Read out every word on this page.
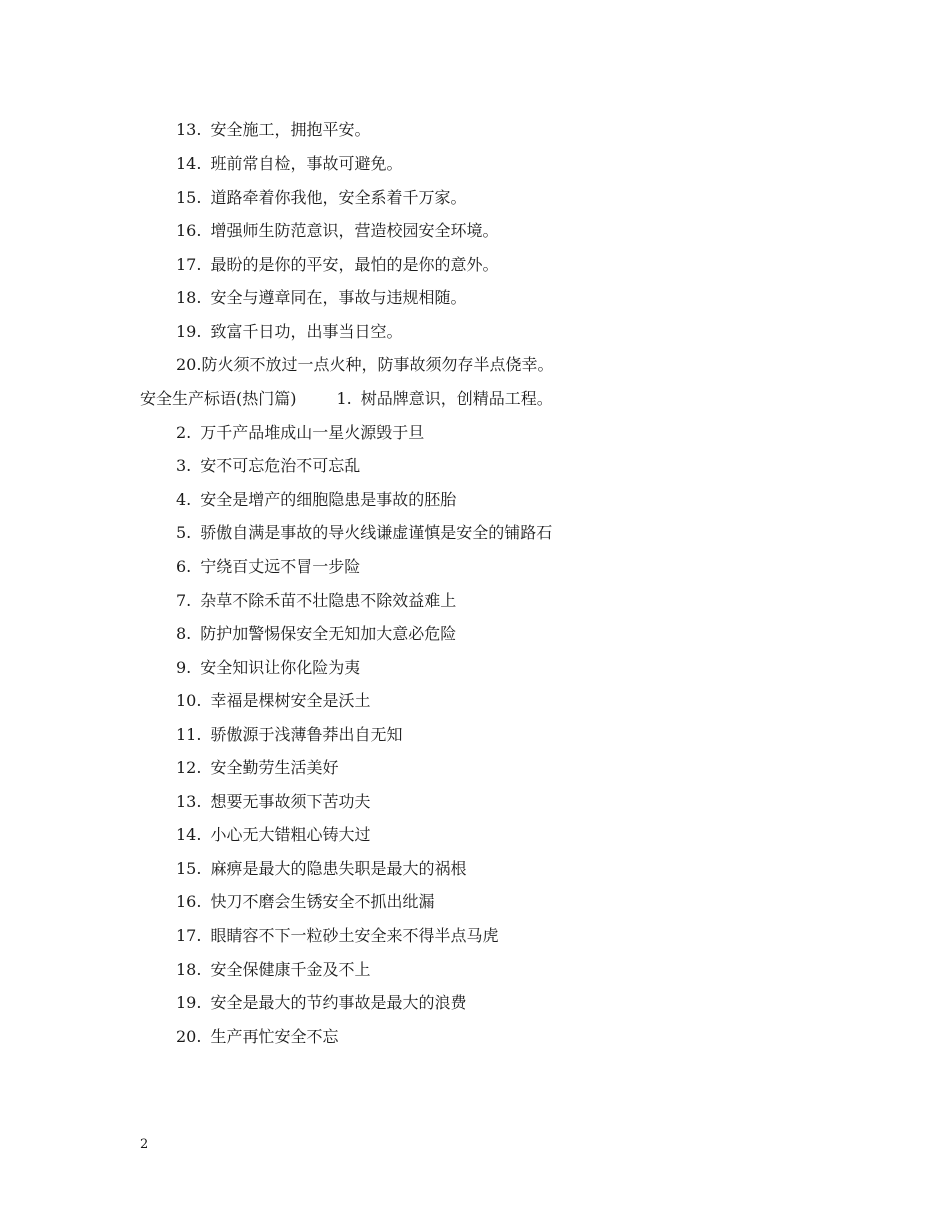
13. 安全施工，拥抱平安。
14. 班前常自检，事故可避免。
15. 道路牵着你我他，安全系着千万家。
16. 增强师生防范意识，营造校园安全环境。
17. 最盼的是你的平安，最怕的是你的意外。
18. 安全与遵章同在，事故与违规相随。
19. 致富千日功，出事当日空。
20.防火须不放过一点火种，防事故须勿存半点侥幸。
安全生产标语(热门篇)	1. 树品牌意识，创精品工程。
2. 万千产品堆成山一星火源毁于旦
3. 安不可忘危治不可忘乱
4. 安全是增产的细胞隐患是事故的胚胎
5. 骄傲自满是事故的导火线谦虚谨慎是安全的铺路石
6. 宁绕百丈远不冒一步险
7. 杂草不除禾苗不壮隐患不除效益难上
8. 防护加警惕保安全无知加大意必危险
9. 安全知识让你化险为夷
10. 幸福是棵树安全是沃土
11. 骄傲源于浅薄鲁莽出自无知
12. 安全勤劳生活美好
13. 想要无事故须下苦功夫
14. 小心无大错粗心铸大过
15. 麻痹是最大的隐患失职是最大的祸根
16. 快刀不磨会生锈安全不抓出纰漏
17. 眼睛容不下一粒砂土安全来不得半点马虎
18. 安全保健康千金及不上
19. 安全是最大的节约事故是最大的浪费
20. 生产再忙安全不忘
2
